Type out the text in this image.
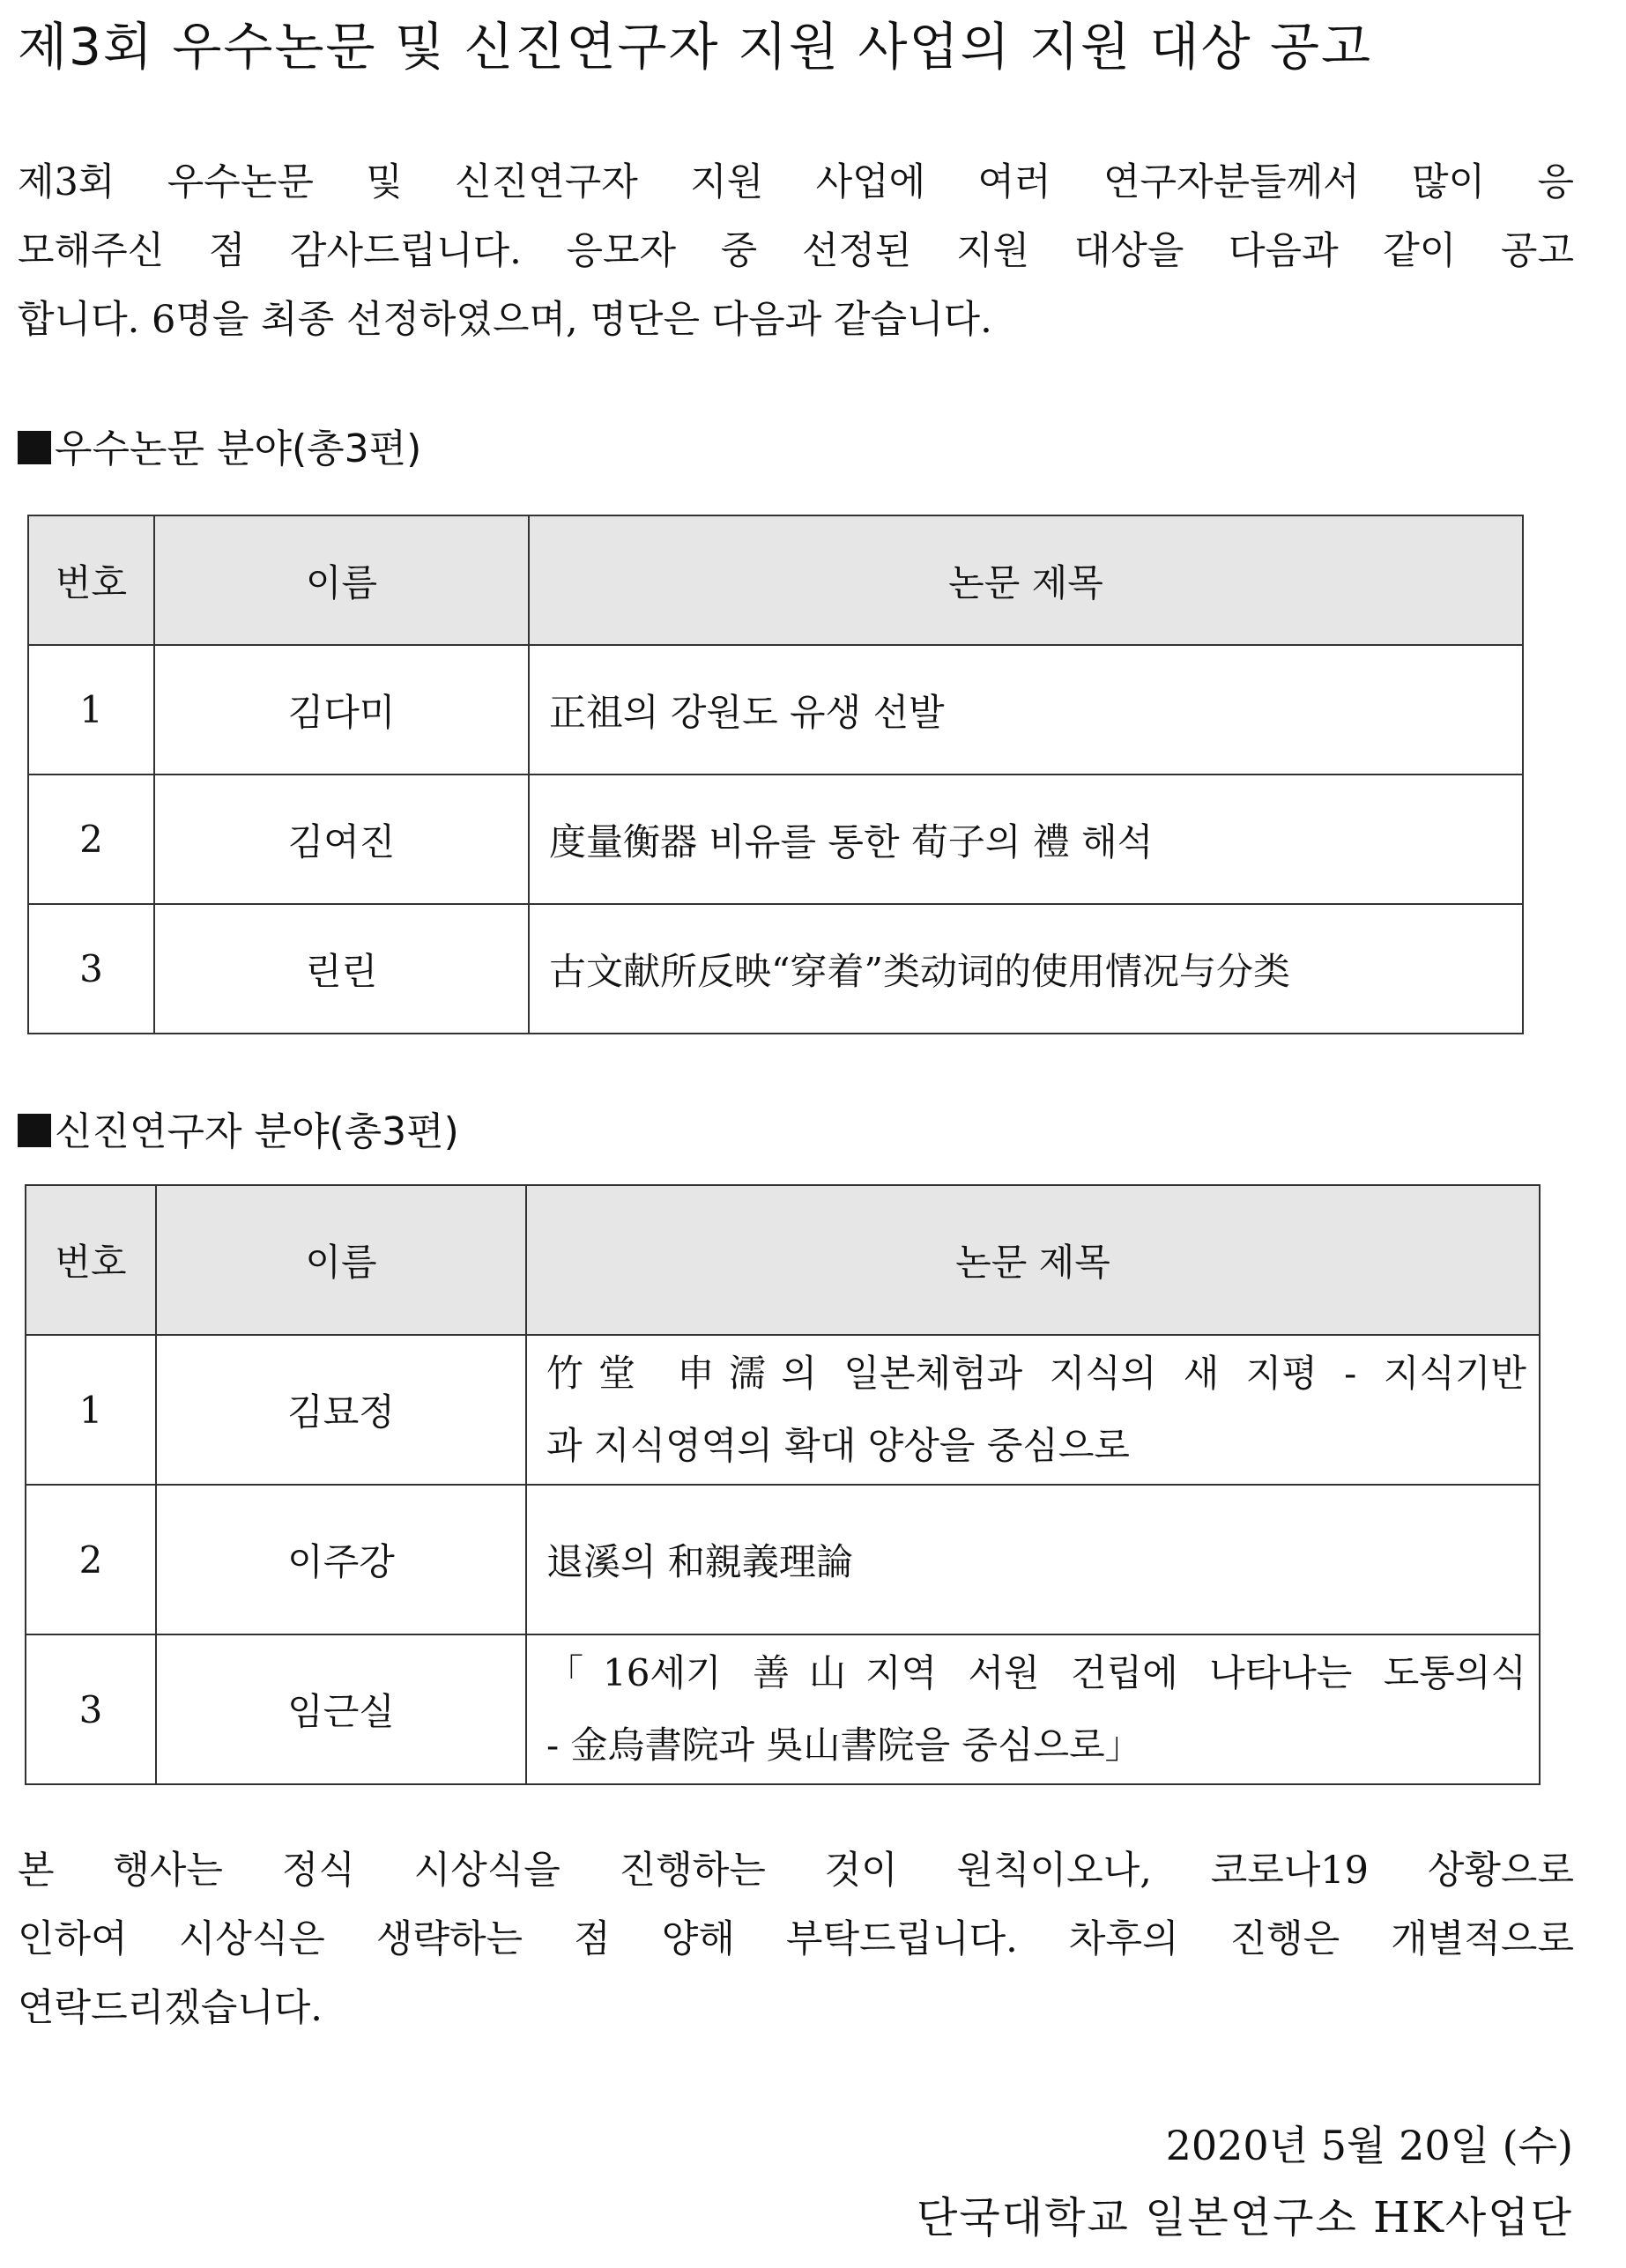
제3회 우수논문 및 신진연구자 지원 사업의 지원 대상 공고
제3회 우수논문 및 신진연구자 지원 사업에 여러 연구자분들께서 많이 응
모해주신 점 감사드립니다. 응모자 중 선정된 지원 대상을 다음과 같이 공고
합니다. 6명을 최종 선정하였으며, 명단은 다음과 같습니다.
우수논문 분야(총3편)
번호	이름	논문 제목
1	김다미	正祖의 강원도 유생 선발
2	김여진	度量衡器 비유를 통한 荀子의 禮 해석
3	린린	古文献所反映“穿着”类动词的使用情况与分类
신진연구자 분야(총3편)
번호	이름	논문 제목
1	김묘정	竹堂 申濡의 일본체험과 지식의 새 지평 - 지식기반
과 지식영역의 확대 양상을 중심으로

2	이주강	退溪의 和親義理論
3	임근실	「16세기 善山지역 서원 건립에 나타나는 도통의식
- 金烏書院과 吳山書院을 중심으로」
본 행사는 정식 시상식을 진행하는 것이 원칙이오나, 코로나19 상황으로
인하여 시상식은 생략하는 점 양해 부탁드립니다. 차후의 진행은 개별적으로
연락드리겠습니다.
2020년 5월 20일 (수)
단국대학교 일본연구소 HK사업단
